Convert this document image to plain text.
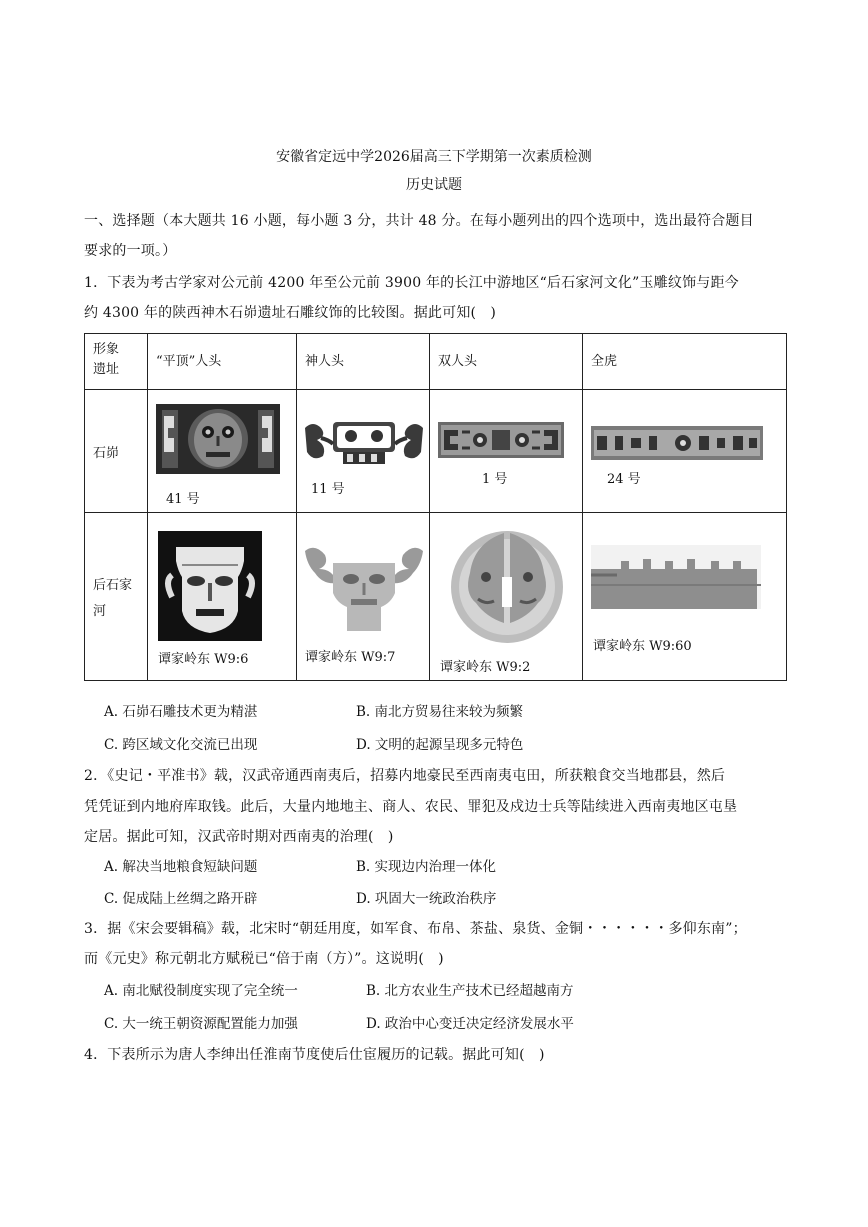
安徽省定远中学2026届高三下学期第一次素质检测
历史试题
一、选择题（本大题共 16 小题，每小题 3 分，共计 48 分。在每小题列出的四个选项中，选出最符合题目
要求的一项。）
1．下表为考古学家对公元前 4200 年至公元前 3900 年的长江中游地区“后石家河文化”玉雕纹饰与距今
约 4300 年的陕西神木石峁遗址石雕纹饰的比较图。据此可知(　)
形象
遗址	“平顶”人头	神人头	双人头	全虎

石峁	41 号	11 号	1 号	24 号

后石家
河	谭家岭东 W9:6	谭家岭东 W9:7	谭家岭东 W9:2	谭家岭东 W9:60
A. 石峁石雕技术更为精湛	B. 南北方贸易往来较为频繁
C. 跨区域文化交流已出现	D. 文明的起源呈现多元特色
2．《史记・平准书》载，汉武帝通西南夷后，招募内地豪民至西南夷屯田，所获粮食交当地郡县，然后
凭凭证到内地府库取钱。此后，大量内地地主、商人、农民、罪犯及戍边士兵等陆续进入西南夷地区屯垦
定居。据此可知，汉武帝时期对西南夷的治理(　)
A. 解决当地粮食短缺问题	B. 实现边内治理一体化
C. 促成陆上丝绸之路开辟	D. 巩固大一统政治秩序
3．据《宋会要辑稿》载，北宋时“朝廷用度，如军食、布帛、茶盐、泉货、金铜・・・・・・多仰东南”；
而《元史》称元朝北方赋税已“倍于南（方）”。这说明(　)
A. 南北赋役制度实现了完全统一	B. 北方农业生产技术已经超越南方
C. 大一统王朝资源配置能力加强	D. 政治中心变迁决定经济发展水平
4．下表所示为唐人李绅出任淮南节度使后仕宦履历的记载。据此可知(　)
